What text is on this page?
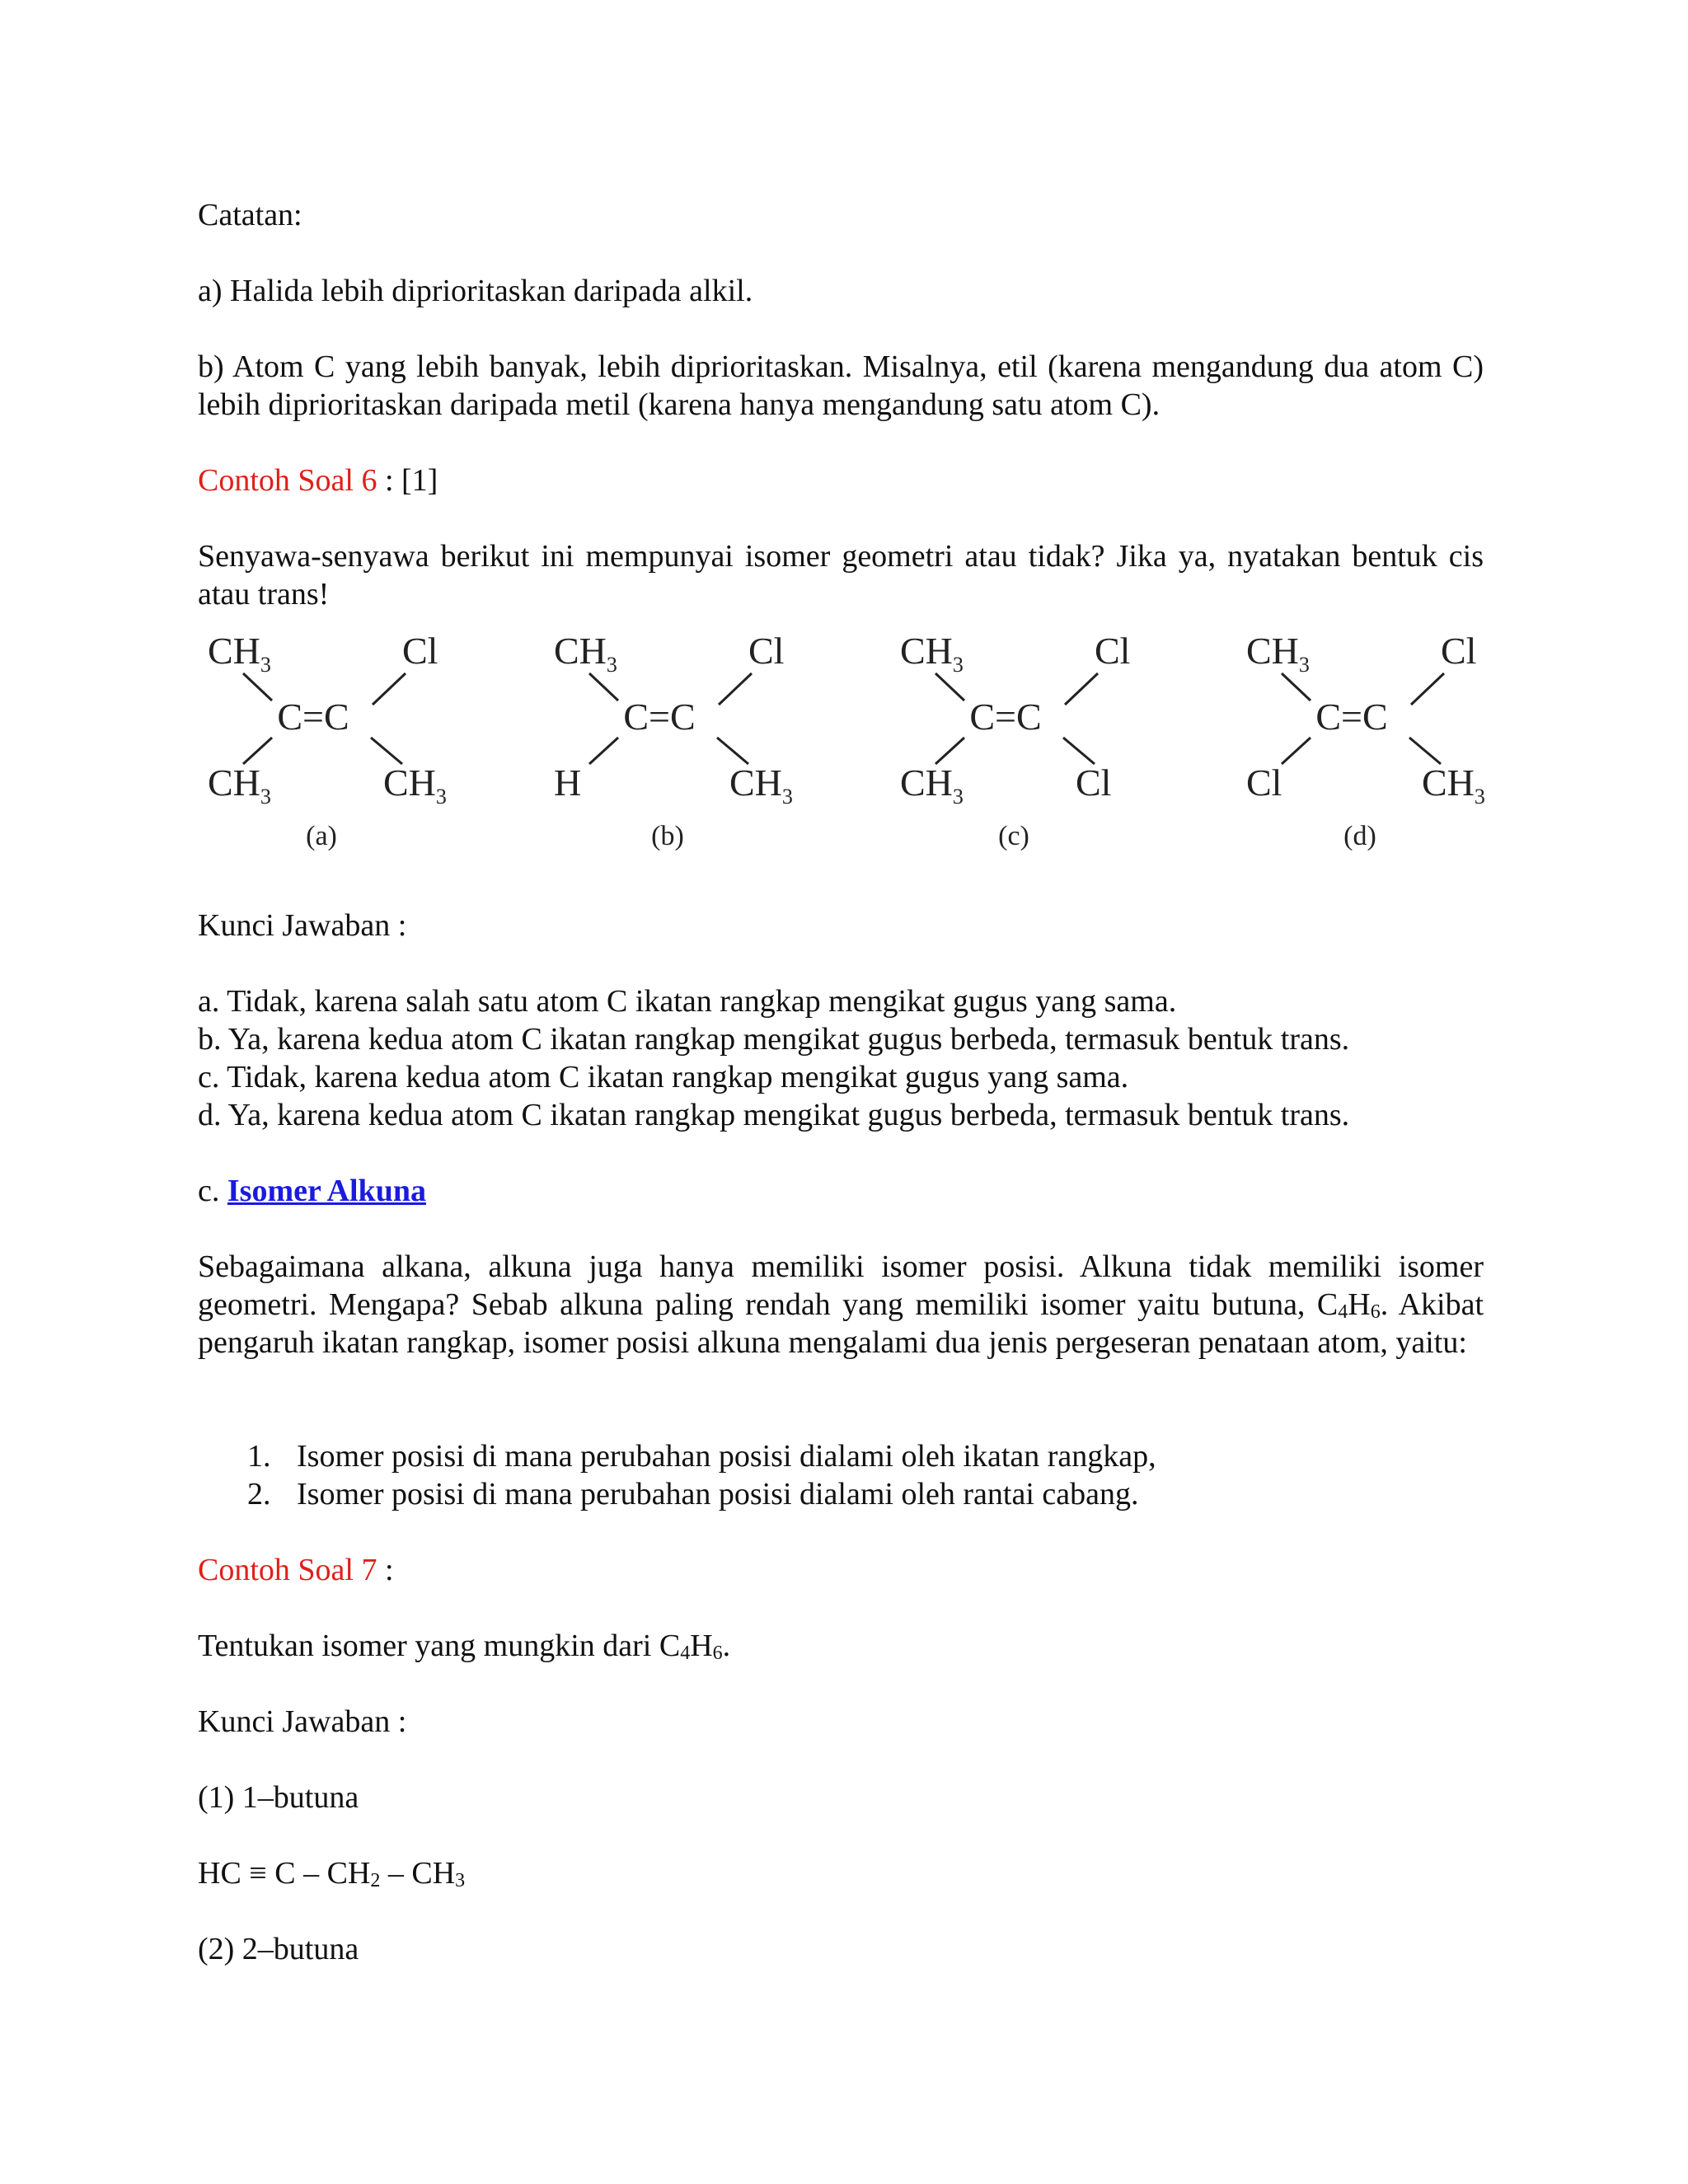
Catatan:
a) Halida lebih diprioritaskan daripada alkil.
b) Atom C yang lebih banyak, lebih diprioritaskan. Misalnya, etil (karena mengandung dua atom C) lebih diprioritaskan daripada metil (karena hanya mengandung satu atom C).
Contoh Soal 6 : [1]
Senyawa-senyawa berikut ini mempunyai isomer geometri atau tidak? Jika ya, nyatakan bentuk cis atau trans!
$CH_3$	Cl
$CH_3$	$CH_3$
C=C
(a)
$CH_3$	Cl
H	$CH_3$
C=C
(b)
$CH_3$	Cl
$CH_3$	Cl
C=C
(c)
$CH_3$	Cl
Cl	$CH_3$
C=C
(d)
Kunci Jawaban :
a. Tidak, karena salah satu atom C ikatan rangkap mengikat gugus yang sama.
b. Ya, karena kedua atom C ikatan rangkap mengikat gugus berbeda, termasuk bentuk trans.
c. Tidak, karena kedua atom C ikatan rangkap mengikat gugus yang sama.
d. Ya, karena kedua atom C ikatan rangkap mengikat gugus berbeda, termasuk bentuk trans.
c. Isomer Alkuna
Sebagaimana alkana, alkuna juga hanya memiliki isomer posisi. Alkuna tidak memiliki isomer geometri. Mengapa? Sebab alkuna paling rendah yang memiliki isomer yaitu butuna, $C_4H_6$. Akibat pengaruh ikatan rangkap, isomer posisi alkuna mengalami dua jenis pergeseran penataan atom, yaitu:
1. Isomer posisi di mana perubahan posisi dialami oleh ikatan rangkap,
2. Isomer posisi di mana perubahan posisi dialami oleh rantai cabang.
Contoh Soal 7 :
Tentukan isomer yang mungkin dari $C_4H_6$.
Kunci Jawaban :
(1) 1–butuna
HC ≡ C – $CH_2 - CH_3$
(2) 2–butuna
